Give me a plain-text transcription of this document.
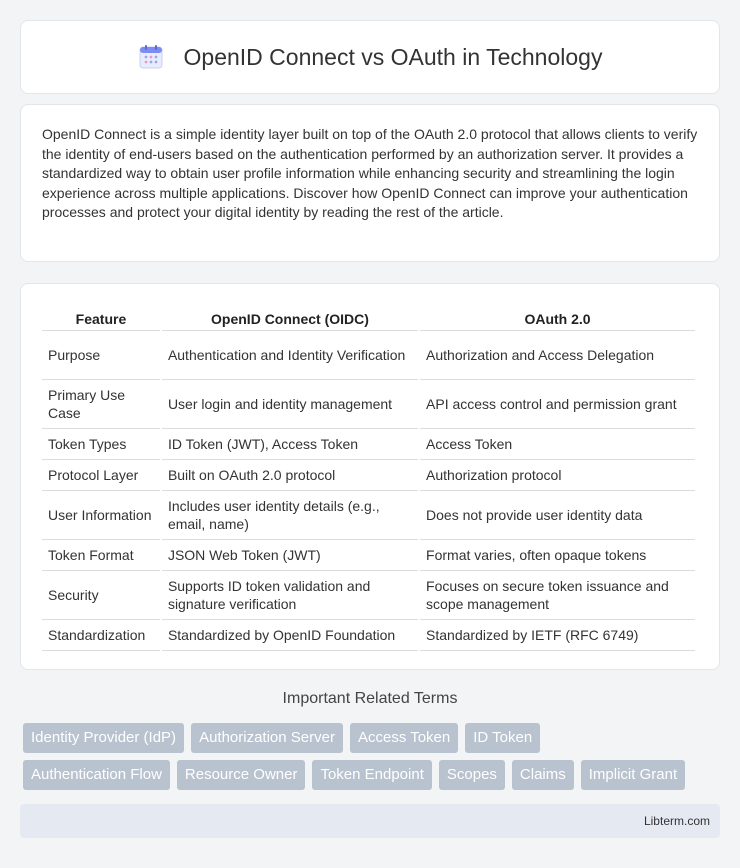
OpenID Connect vs OAuth in Technology

OpenID Connect is a simple identity layer built on top of the OAuth 2.0 protocol that allows clients to verify the identity of end-users based on the authentication performed by an authorization server. It provides a standardized way to obtain user profile information while enhancing security and streamlining the login experience across multiple applications. Discover how OpenID Connect can improve your authentication processes and protect your digital identity by reading the rest of the article.

Feature	OpenID Connect (OIDC)	OAuth 2.0
Purpose	Authentication and Identity Verification	Authorization and Access Delegation
Primary Use Case	User login and identity management	API access control and permission grant
Token Types	ID Token (JWT), Access Token	Access Token
Protocol Layer	Built on OAuth 2.0 protocol	Authorization protocol
User Information	Includes user identity details (e.g., email, name)	Does not provide user identity data
Token Format	JSON Web Token (JWT)	Format varies, often opaque tokens
Security	Supports ID token validation and signature verification	Focuses on secure token issuance and scope management
Standardization	Standardized by OpenID Foundation	Standardized by IETF (RFC 6749)
Important Related Terms
Identity Provider (IdP)	Authorization Server	Access Token	ID Token
Authentication Flow	Resource Owner	Token Endpoint	Scopes	Claims	Implicit Grant
Libterm.com
